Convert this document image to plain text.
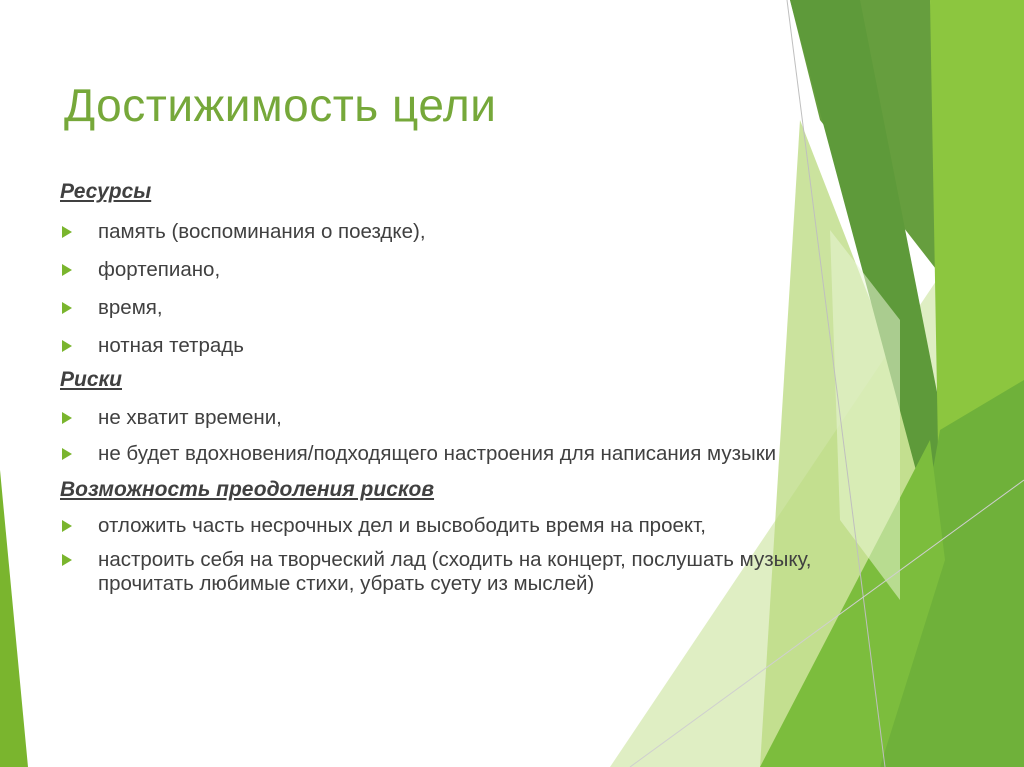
Достижимость цели

Ресурсы

память (воспоминания о поездке),
фортепиано,
время,
нотная тетрадь

Риски

не хватит времени,
не будет вдохновения/подходящего настроения для написания музыки

Возможность преодоления рисков

отложить часть несрочных дел и высвободить время на проект,
настроить себя на творческий лад (сходить на концерт, послушать музыку, прочитать любимые стихи, убрать суету из мыслей)
